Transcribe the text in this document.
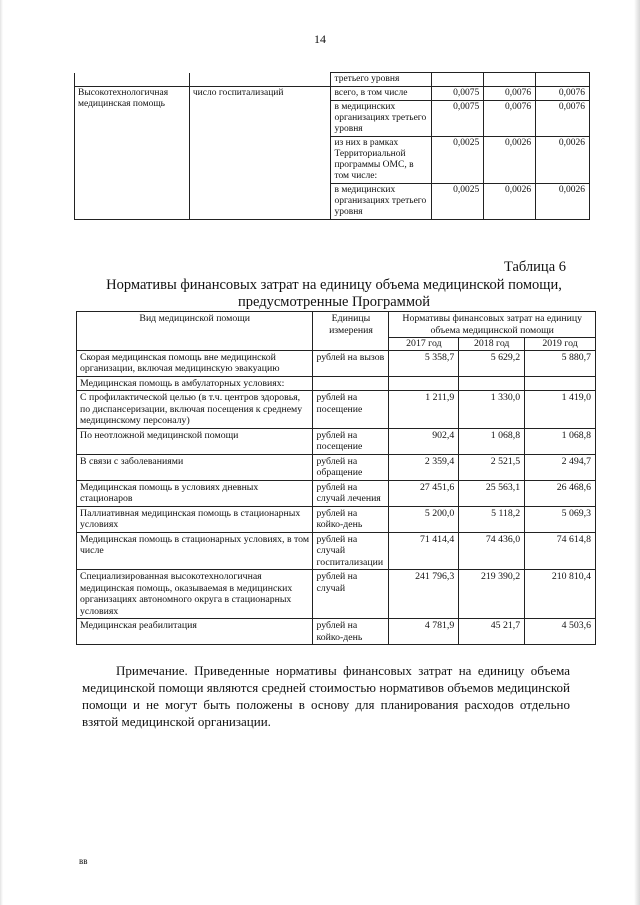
14
		третьего уровня			
Высокотехнологичная медицинская помощь	число госпитализаций	всего, в том числе	0,0075	0,0076	0,0076
		в медицинских организациях третьего уровня	0,0075	0,0076	0,0076
		из них в рамках Территориальной программы ОМС, в том числе:	0,0025	0,0026	0,0026
		в медицинских организациях третьего уровня	0,0025	0,0026	0,0026
Таблица 6
Нормативы финансовых затрат на единицу объема медицинской помощи,
предусмотренные Программой
Вид медицинской помощи	Единицы измерения	Нормативы финансовых затрат на единицу объема медицинской помощи		
		2017 год	2018 год	2019 год
Скорая медицинская помощь вне медицинской организации, включая медицинскую эвакуацию	рублей на вызов	5 358,7	5 629,2	5 880,7
Медицинская помощь в амбулаторных условиях:				
С профилактической целью (в т.ч. центров здоровья, по диспансеризации, включая посещения к среднему медицинскому персоналу)	рублей на посещение	1 211,9	1 330,0	1 419,0
По неотложной медицинской помощи	рублей на посещение	902,4	1 068,8	1 068,8
В связи с заболеваниями	рублей на обращение	2 359,4	2 521,5	2 494,7
Медицинская помощь в условиях дневных стационаров	рублей на случай лечения	27 451,6	25 563,1	26 468,6
Паллиативная медицинская помощь в стационарных условиях	рублей на койко-день	5 200,0	5 118,2	5 069,3
Медицинская помощь в стационарных условиях, в том числе	рублей на случай госпитализации	71 414,4	74 436,0	74 614,8
Специализированная высокотехнологичная медицинская помощь, оказываемая в медицинских организациях автономного округа в стационарных условиях	рублей на случай	241 796,3	219 390,2	210 810,4
Медицинская реабилитация	рублей на койко-день	4 781,9	45 21,7	4 503,6
Примечание. Приведенные нормативы финансовых затрат на единицу объема медицинской помощи являются средней стоимостью нормативов объемов медицинской помощи и не могут быть положены в основу для планирования расходов отдельно взятой медицинской организации.
вв
